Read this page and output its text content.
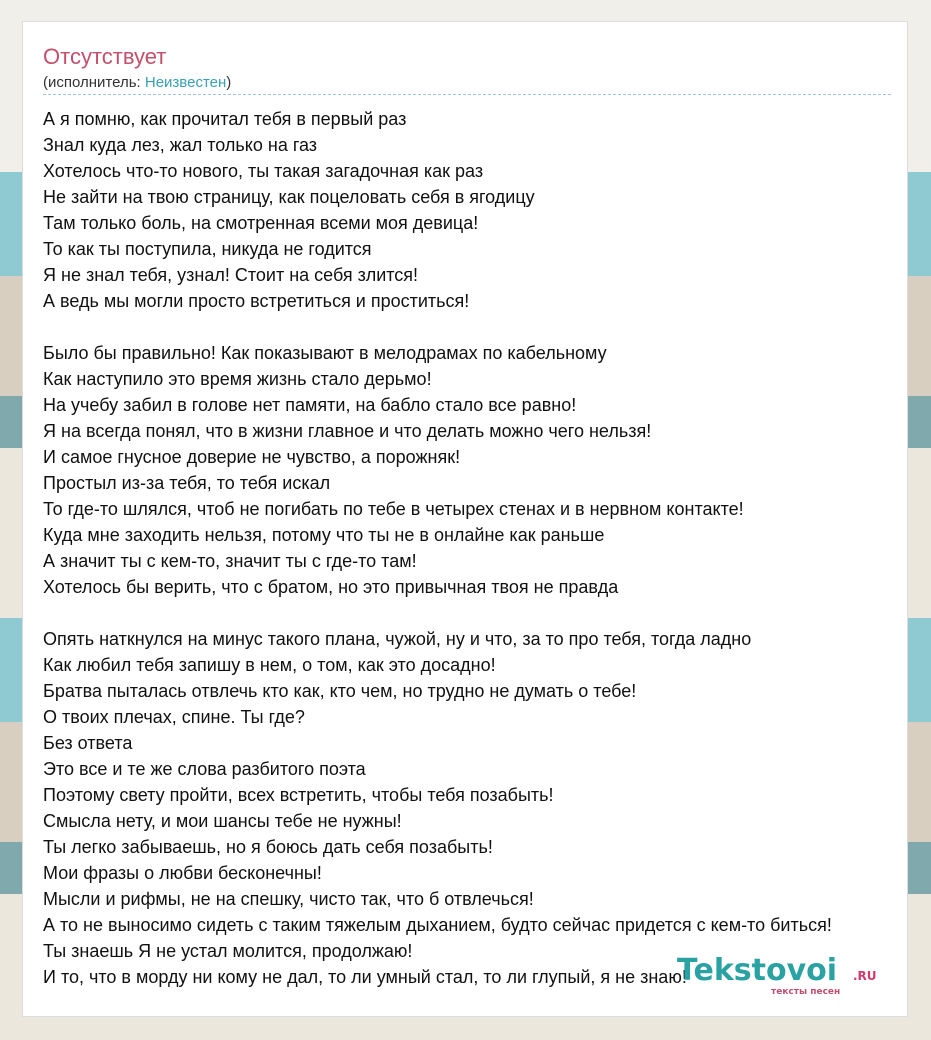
Отсутствует
(исполнитель: Неизвестен)
А я помню, как прочитал тебя в первый раз
Знал куда лез, жал только на газ
Хотелось что-то нового, ты такая загадочная как раз
Не зайти на твою страницу, как поцеловать себя в ягодицу
Там только боль, на смотренная всеми моя девица!
То как ты поступила, никуда не годится
Я не знал тебя, узнал! Стоит на себя злится!
А ведь мы могли просто встретиться и проститься!
Было бы правильно! Как показывают в мелодрамах по кабельному
Как наступило это время жизнь стало дерьмо!
На учебу забил в голове нет памяти, на бабло стало все равно!
Я на всегда понял, что в жизни главное и что делать можно чего нельзя!
И самое гнусное доверие не чувство, а порожняк!
Простыл из-за тебя, то тебя искал
То где-то шлялся, чтоб не погибать по тебе в четырех стенах и в нервном контакте!
Куда мне заходить нельзя, потому что ты не в онлайне как раньше
А значит ты с кем-то, значит ты с где-то там!
Хотелось бы верить, что с братом, но это привычная твоя не правда
Опять наткнулся на минус такого плана, чужой, ну и что, за то про тебя, тогда ладно
Как любил тебя запишу в нем, о том, как это досадно!
Братва пыталась отвлечь кто как, кто чем, но трудно не думать о тебе!
О твоих плечах, спине. Ты где?
Без ответа
Это все и те же слова разбитого поэта
Поэтому свету пройти, всех встретить, чтобы тебя позабыть!
Смысла нету, и мои шансы тебе не нужны!
Ты легко забываешь, но я боюсь дать себя позабыть!
Мои фразы о любви бесконечны!
Мысли и рифмы, не на спешку, чисто так, что б отвлечься!
А то не выносимо сидеть с таким тяжелым дыханием, будто сейчас придется с кем-то биться!
Ты знаешь Я не устал молится, продолжаю!
И то, что в морду ни кому не дал, то ли умный стал, то ли глупый, я не знаю!
Tekstovoi .RU
тексты песен
